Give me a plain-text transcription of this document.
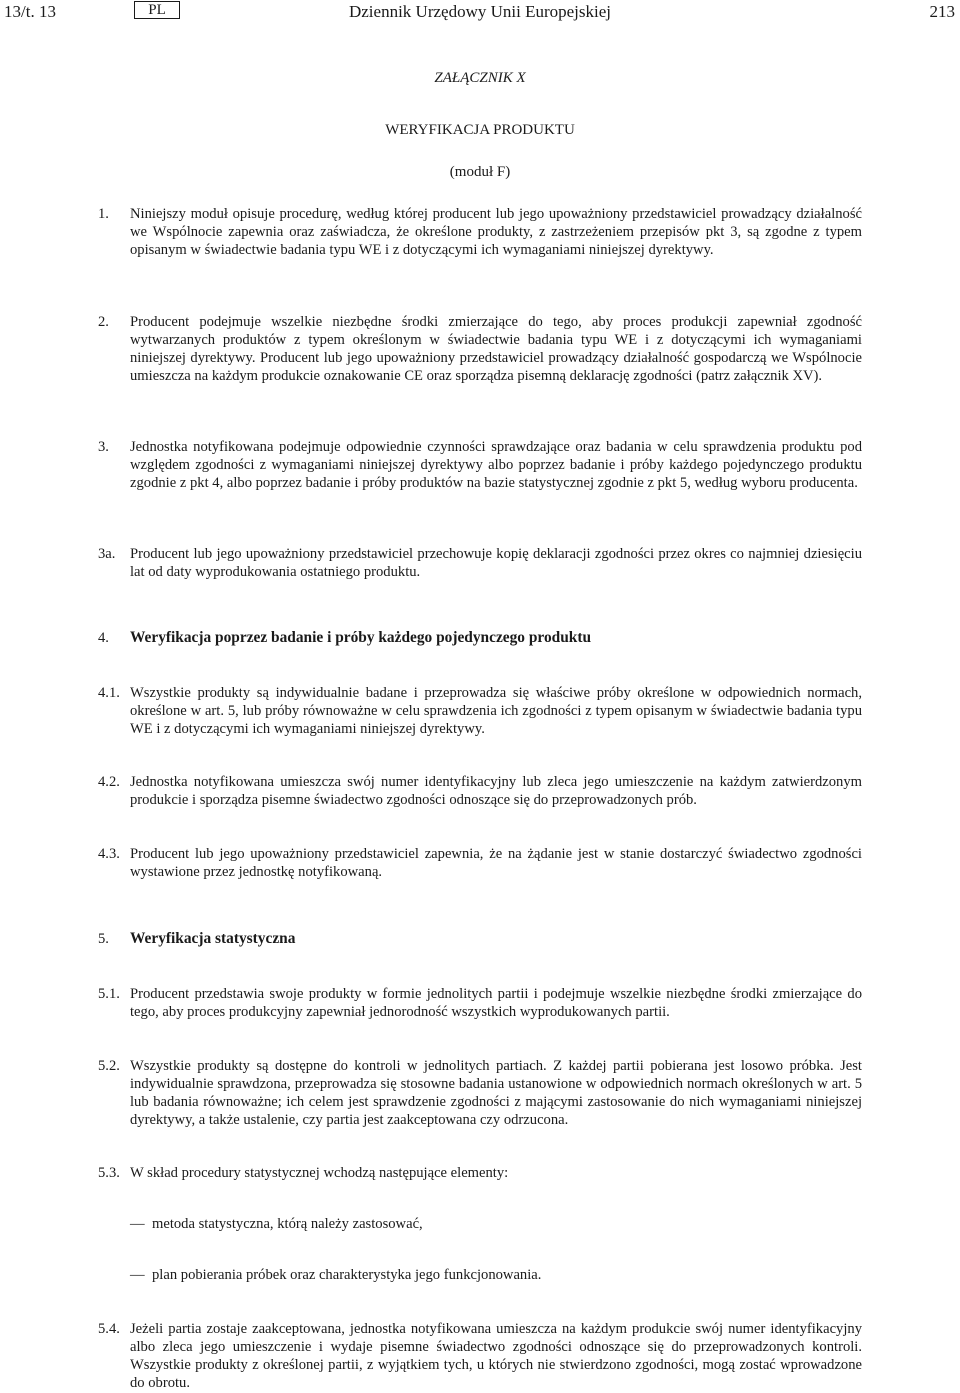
13/t. 13	PL	Dziennik Urzędowy Unii Europejskiej	213
ZAŁĄCZNIK X
WERYFIKACJA PRODUKTU
(moduł F)
1. Niniejszy moduł opisuje procedurę, według której producent lub jego upoważniony przedstawiciel prowadzący działalność we Wspólnocie zapewnia oraz zaświadcza, że określone produkty, z zastrzeżeniem przepisów pkt 3, są zgodne z typem opisanym w świadectwie badania typu WE i z dotyczącymi ich wymaganiami niniejszej dyrektywy.
2. Producent podejmuje wszelkie niezbędne środki zmierzające do tego, aby proces produkcji zapewniał zgodność wytwarzanych produktów z typem określonym w świadectwie badania typu WE i z dotyczącymi ich wymaganiami niniejszej dyrektywy. Producent lub jego upoważniony przedstawiciel prowadzący działalność gospodarczą we Wspólnocie umieszcza na każdym produkcie oznakowanie CE oraz sporządza pisemną deklarację zgodności (patrz załącznik XV).
3. Jednostka notyfikowana podejmuje odpowiednie czynności sprawdzające oraz badania w celu sprawdzenia produktu pod względem zgodności z wymaganiami niniejszej dyrektywy albo poprzez badanie i próby każdego pojedynczego produktu zgodnie z pkt 4, albo poprzez badanie i próby produktów na bazie statystycznej zgodnie z pkt 5, według wyboru producenta.
3a. Producent lub jego upoważniony przedstawiciel przechowuje kopię deklaracji zgodności przez okres co najmniej dziesięciu lat od daty wyprodukowania ostatniego produktu.
4. Weryfikacja poprzez badanie i próby każdego pojedynczego produktu
4.1. Wszystkie produkty są indywidualnie badane i przeprowadza się właściwe próby określone w odpowiednich normach, określone w art. 5, lub próby równoważne w celu sprawdzenia ich zgodności z typem opisanym w świadectwie badania typu WE i z dotyczącymi ich wymaganiami niniejszej dyrektywy.
4.2. Jednostka notyfikowana umieszcza swój numer identyfikacyjny lub zleca jego umieszczenie na każdym zatwierdzonym produkcie i sporządza pisemne świadectwo zgodności odnoszące się do przeprowadzonych prób.
4.3. Producent lub jego upoważniony przedstawiciel zapewnia, że na żądanie jest w stanie dostarczyć świadectwo zgodności wystawione przez jednostkę notyfikowaną.
5. Weryfikacja statystyczna
5.1. Producent przedstawia swoje produkty w formie jednolitych partii i podejmuje wszelkie niezbędne środki zmierzające do tego, aby proces produkcyjny zapewniał jednorodność wszystkich wyprodukowanych partii.
5.2. Wszystkie produkty są dostępne do kontroli w jednolitych partiach. Z każdej partii pobierana jest losowo próbka. Jest indywidualnie sprawdzona, przeprowadza się stosowne badania ustanowione w odpowiednich normach określonych w art. 5 lub badania równoważne; ich celem jest sprawdzenie zgodności z mającymi zastosowanie do nich wymaganiami niniejszej dyrektywy, a także ustalenie, czy partia jest zaakceptowana czy odrzucona.
5.3. W skład procedury statystycznej wchodzą następujące elementy:
— metoda statystyczna, którą należy zastosować,
— plan pobierania próbek oraz charakterystyka jego funkcjonowania.
5.4. Jeżeli partia zostaje zaakceptowana, jednostka notyfikowana umieszcza na każdym produkcie swój numer identyfikacyjny albo zleca jego umieszczenie i wydaje pisemne świadectwo zgodności odnoszące się do przeprowadzonych kontroli. Wszystkie produkty z określonej partii, z wyjątkiem tych, u których nie stwierdzono zgodności, mogą zostać wprowadzone do obrotu.
